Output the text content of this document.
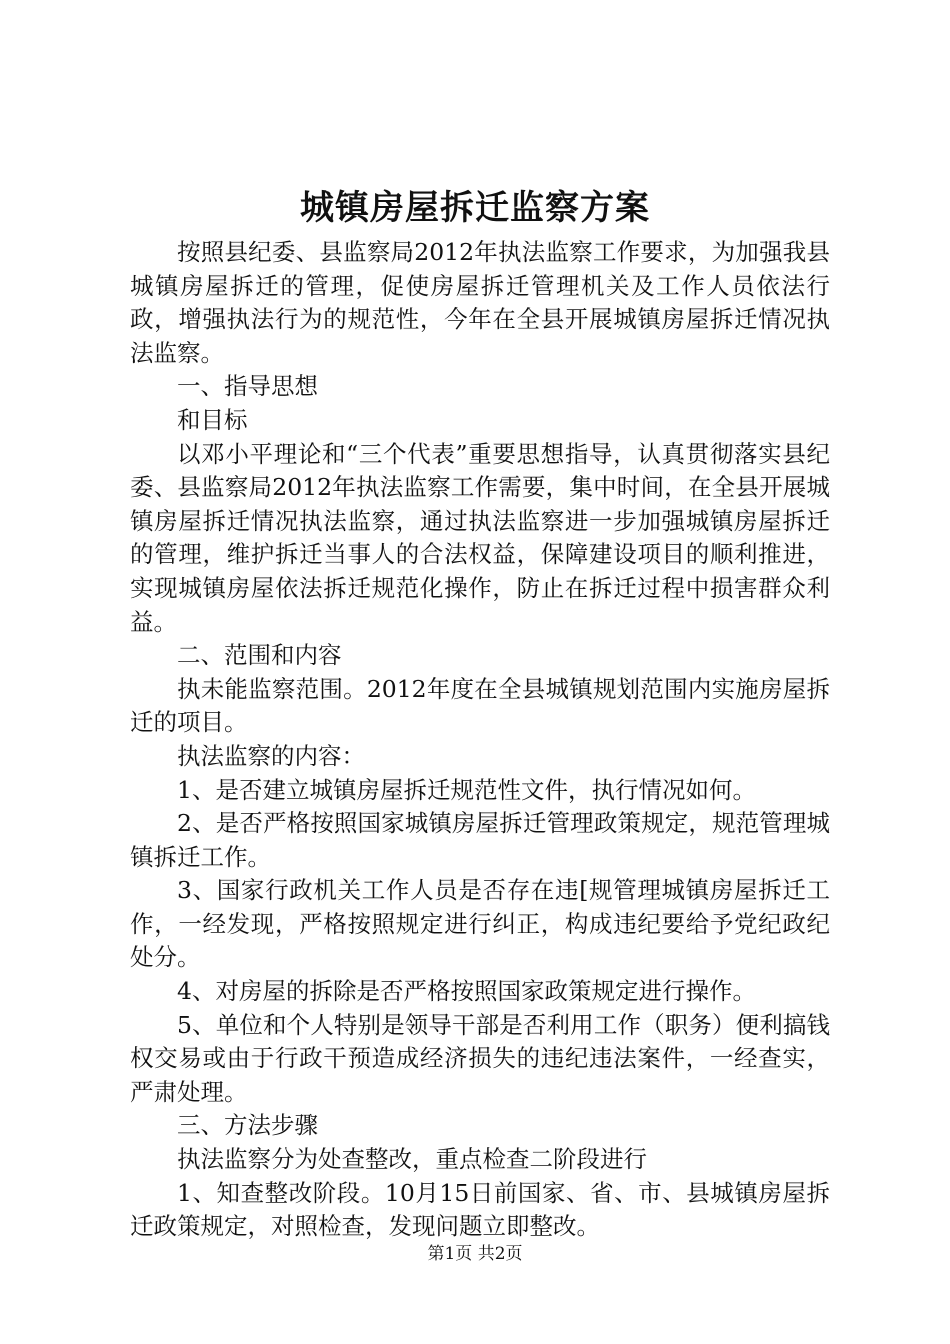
城镇房屋拆迁监察方案

按照县纪委、县监察局2012年执法监察工作要求，为加强我县城镇房屋拆迁的管理，促使房屋拆迁管理机关及工作人员依法行政，增强执法行为的规范性，今年在全县开展城镇房屋拆迁情况执法监察。

一、指导思想

和目标

以邓小平理论和“三个代表”重要思想指导，认真贯彻落实县纪委、县监察局2012年执法监察工作需要，集中时间，在全县开展城镇房屋拆迁情况执法监察，通过执法监察进一步加强城镇房屋拆迁的管理，维护拆迁当事人的合法权益，保障建设项目的顺利推进，实现城镇房屋依法拆迁规范化操作，防止在拆迁过程中损害群众利益。

二、范围和内容

执未能监察范围。2012年度在全县城镇规划范围内实施房屋拆迁的项目。

执法监察的内容：

1、是否建立城镇房屋拆迁规范性文件，执行情况如何。

2、是否严格按照国家城镇房屋拆迁管理政策规定，规范管理城镇拆迁工作。

3、国家行政机关工作人员是否存在违[规管理城镇房屋拆迁工作，一经发现，严格按照规定进行纠正，构成违纪要给予党纪政纪处分。

4、对房屋的拆除是否严格按照国家政策规定进行操作。

5、单位和个人特别是领导干部是否利用工作（职务）便利搞钱权交易或由于行政干预造成经济损失的违纪违法案件，一经查实，严肃处理。

三、方法步骤

执法监察分为处查整改，重点检查二阶段进行

1、知查整改阶段。10月15日前国家、省、市、县城镇房屋拆迁政策规定，对照检查，发现问题立即整改。

第1页 共2页
